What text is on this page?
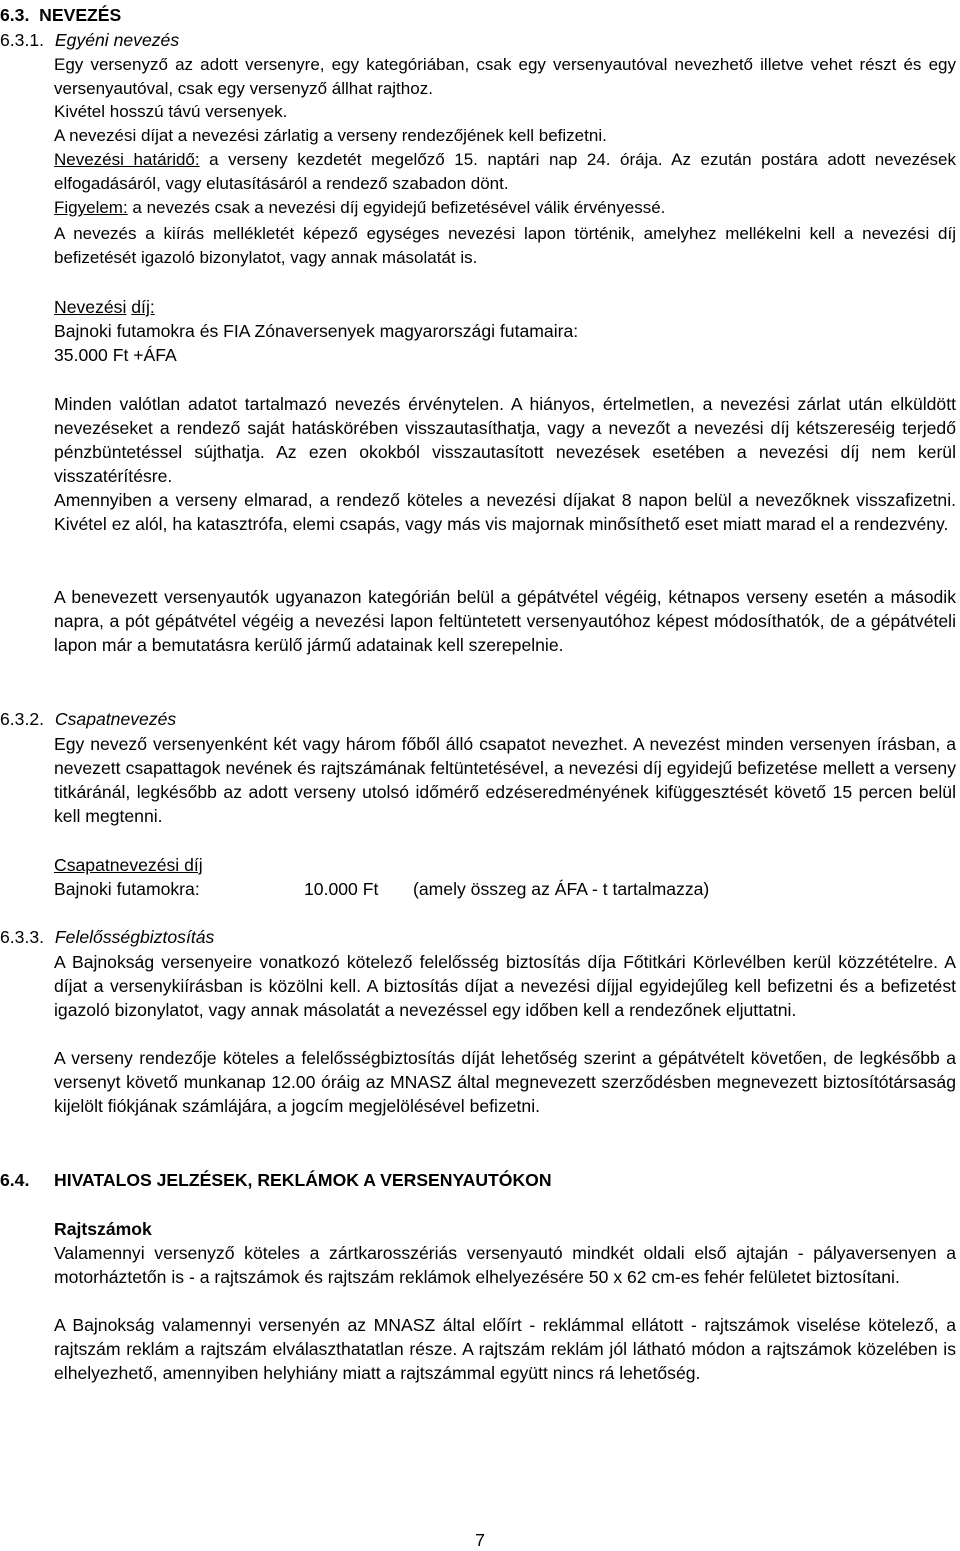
6.3. NEVEZÉS
6.3.1. Egyéni nevezés

Egy versenyző az adott versenyre, egy kategóriában, csak egy versenyautóval nevezhető illetve vehet részt és egy versenyautóval, csak egy versenyző állhat rajthoz.

Kivétel hosszú távú versenyek.

A nevezési díjat a nevezési zárlatig a verseny rendezőjének kell befizetni.

Nevezési határidő: a verseny kezdetét megelőző 15. naptári nap 24. órája. Az ezután postára adott nevezések elfogadásáról, vagy elutasításáról a rendező szabadon dönt.

Figyelem: a nevezés csak a nevezési díj egyidejű befizetésével válik érvényessé.

A nevezés a kiírás mellékletét képező egységes nevezési lapon történik, amelyhez mellékelni kell a nevezési díj befizetését igazoló bizonylatot, vagy annak másolatát is.

Nevezési díj:
Bajnoki futamokra és FIA Zónaversenyek magyarországi futamaira:
35.000 Ft +ÁFA

Minden valótlan adatot tartalmazó nevezés érvénytelen. A hiányos, értelmetlen, a nevezési zárlat után elküldött nevezéseket a rendező saját hatáskörében visszautasíthatja, vagy a nevezőt a nevezési díj kétszereséig terjedő pénzbüntetéssel sújthatja. Az ezen okokból visszautasított nevezések esetében a nevezési díj nem kerül visszatérítésre.

Amennyiben a verseny elmarad, a rendező köteles a nevezési díjakat 8 napon belül a nevezőknek visszafizetni. Kivétel ez alól, ha katasztrófa, elemi csapás, vagy más vis majornak minősíthető eset miatt marad el a rendezvény.

A benevezett versenyautók ugyanazon kategórián belül a gépátvétel végéig, kétnapos verseny esetén a második napra, a pót gépátvétel végéig a nevezési lapon feltüntetett versenyautóhoz képest módosíthatók, de a gépátvételi lapon már a bemutatásra kerülő jármű adatainak kell szerepelnie.

6.3.2. Csapatnevezés

Egy nevező versenyenként két vagy három főből álló csapatot nevezhet. A nevezést minden versenyen írásban, a nevezett csapattagok nevének és rajtszámának feltüntetésével, a nevezési díj egyidejű befizetése mellett a verseny titkáránál, legkésőbb az adott verseny utolsó időmérő edzéseredményének kifüggesztését követő 15 percen belül kell megtenni.

Csapatnevezési díj
Bajnoki futamokra:	10.000 Ft (amely összeg az ÁFA - t tartalmazza)
6.3.3. Felelősségbiztosítás

A Bajnokság versenyeire vonatkozó kötelező felelősség biztosítás díja Főtitkári Körlevélben kerül közzétételre. A díjat a versenykiírásban is közölni kell. A biztosítás díjat a nevezési díjjal egyidejűleg kell befizetni és a befizetést igazoló bizonylatot, vagy annak másolatát a nevezéssel egy időben kell a rendezőnek eljuttatni.

A verseny rendezője köteles a felelősségbiztosítás díját lehetőség szerint a gépátvételt követően, de legkésőbb a versenyt követő munkanap 12.00 óráig az MNASZ által megnevezett szerződésben megnevezett biztosítótársaság kijelölt fiókjának számlájára, a jogcím megjelölésével befizetni.

6.4. HIVATALOS JELZÉSEK, REKLÁMOK A VERSENYAUTÓKON
Rajtszámok

Valamennyi versenyző köteles a zártkarosszériás versenyautó mindkét oldali első ajtaján - pályaversenyen a motorháztetőn is - a rajtszámok és rajtszám reklámok elhelyezésére 50 x 62 cm-es fehér felületet biztosítani.

A Bajnokság valamennyi versenyén az MNASZ által előírt - reklámmal ellátott - rajtszámok viselése kötelező, a rajtszám reklám a rajtszám elválaszthatatlan része. A rajtszám reklám jól látható módon a rajtszámok közelében is elhelyezhető, amennyiben helyhiány miatt a rajtszámmal együtt nincs rá lehetőség.

7
